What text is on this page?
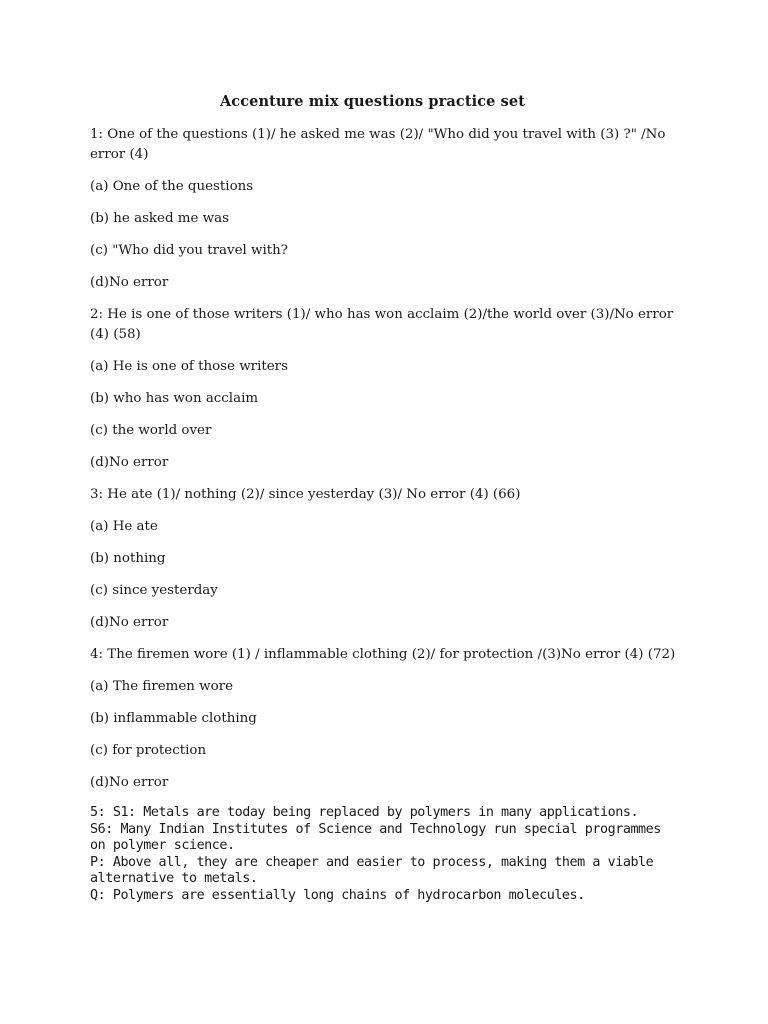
Accenture mix questions practice set
1: One of the questions (1)/ he asked me was (2)/ "Who did you travel with (3) ?" /No error (4)
(a) One of the questions
(b) he asked me was
(c) "Who did you travel with?
(d)No error
2: He is one of those writers (1)/ who has won acclaim (2)/the world over (3)/No error (4) (58)
(a) He is one of those writers
(b) who has won acclaim
(c) the world over
(d)No error
3: He ate (1)/ nothing (2)/ since yesterday (3)/ No error (4) (66)
(a) He ate
(b) nothing
(c) since yesterday
(d)No error
4: The firemen wore (1) / inflammable clothing (2)/ for protection /(3)No error (4) (72)
(a) The firemen wore
(b) inflammable clothing
(c) for protection
(d)No error
5: S1: Metals are today being replaced by polymers in many applications.
S6: Many Indian Institutes of Science and Technology run special programmes on polymer science.
P: Above all, they are cheaper and easier to process, making them a viable alternative to metals.
Q: Polymers are essentially long chains of hydrocarbon molecules.
